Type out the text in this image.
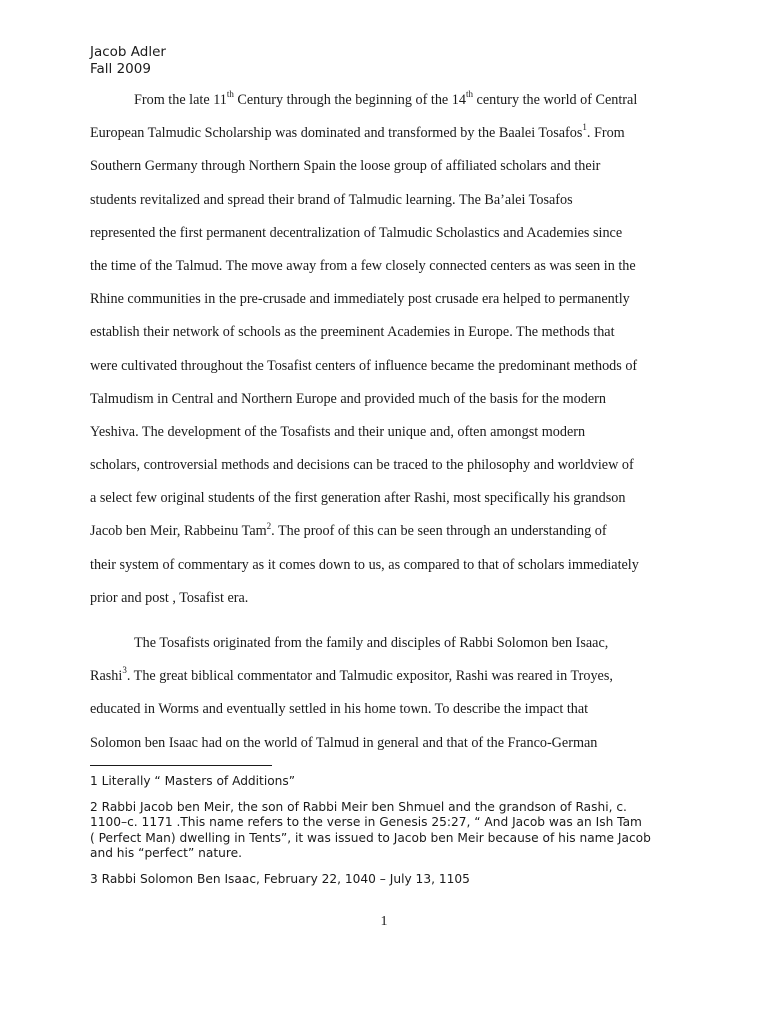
Jacob Adler
Fall 2009
From the late 11th Century through the beginning of the 14th century the world of Central
European Talmudic Scholarship was dominated and transformed by the Baalei Tosafos$^1$. From
Southern Germany through Northern Spain the loose group of affiliated scholars and their
students revitalized and spread their brand of Talmudic learning. The Ba’alei Tosafos
represented the first permanent decentralization of Talmudic Scholastics and Academies since
the time of the Talmud. The move away from a few closely connected centers as was seen in the
Rhine communities in the pre-crusade and immediately post crusade era helped to permanently
establish their network of schools as the preeminent Academies in Europe. The methods that
were cultivated throughout the Tosafist centers of influence became the predominant methods of
Talmudism in Central and Northern Europe and provided much of the basis for the modern
Yeshiva. The development of the Tosafists and their unique and, often amongst modern
scholars, controversial methods and decisions can be traced to the philosophy and worldview of
a select few original students of the first generation after Rashi, most specifically his grandson
Jacob ben Meir, Rabbeinu Tam$^2$. The proof of this can be seen through an understanding of
their system of commentary as it comes down to us, as compared to that of scholars immediately
prior and post , Tosafist era.
The Tosafists originated from the family and disciples of Rabbi Solomon ben Isaac,
Rashi$^3$. The great biblical commentator and Talmudic expositor, Rashi was reared in Troyes,
educated in Worms and eventually settled in his home town. To describe the impact that
Solomon ben Isaac had on the world of Talmud in general and that of the Franco-German
1 Literally “ Masters of Additions”
2 Rabbi Jacob ben Meir, the son of Rabbi Meir ben Shmuel and the grandson of Rashi, c.
1100–c. 1171 .This name refers to the verse in Genesis 25:27, “ And Jacob was an Ish Tam
( Perfect Man) dwelling in Tents”, it was issued to Jacob ben Meir because of his name Jacob
and his “perfect” nature.
3 Rabbi Solomon Ben Isaac, February 22, 1040 – July 13, 1105
1
